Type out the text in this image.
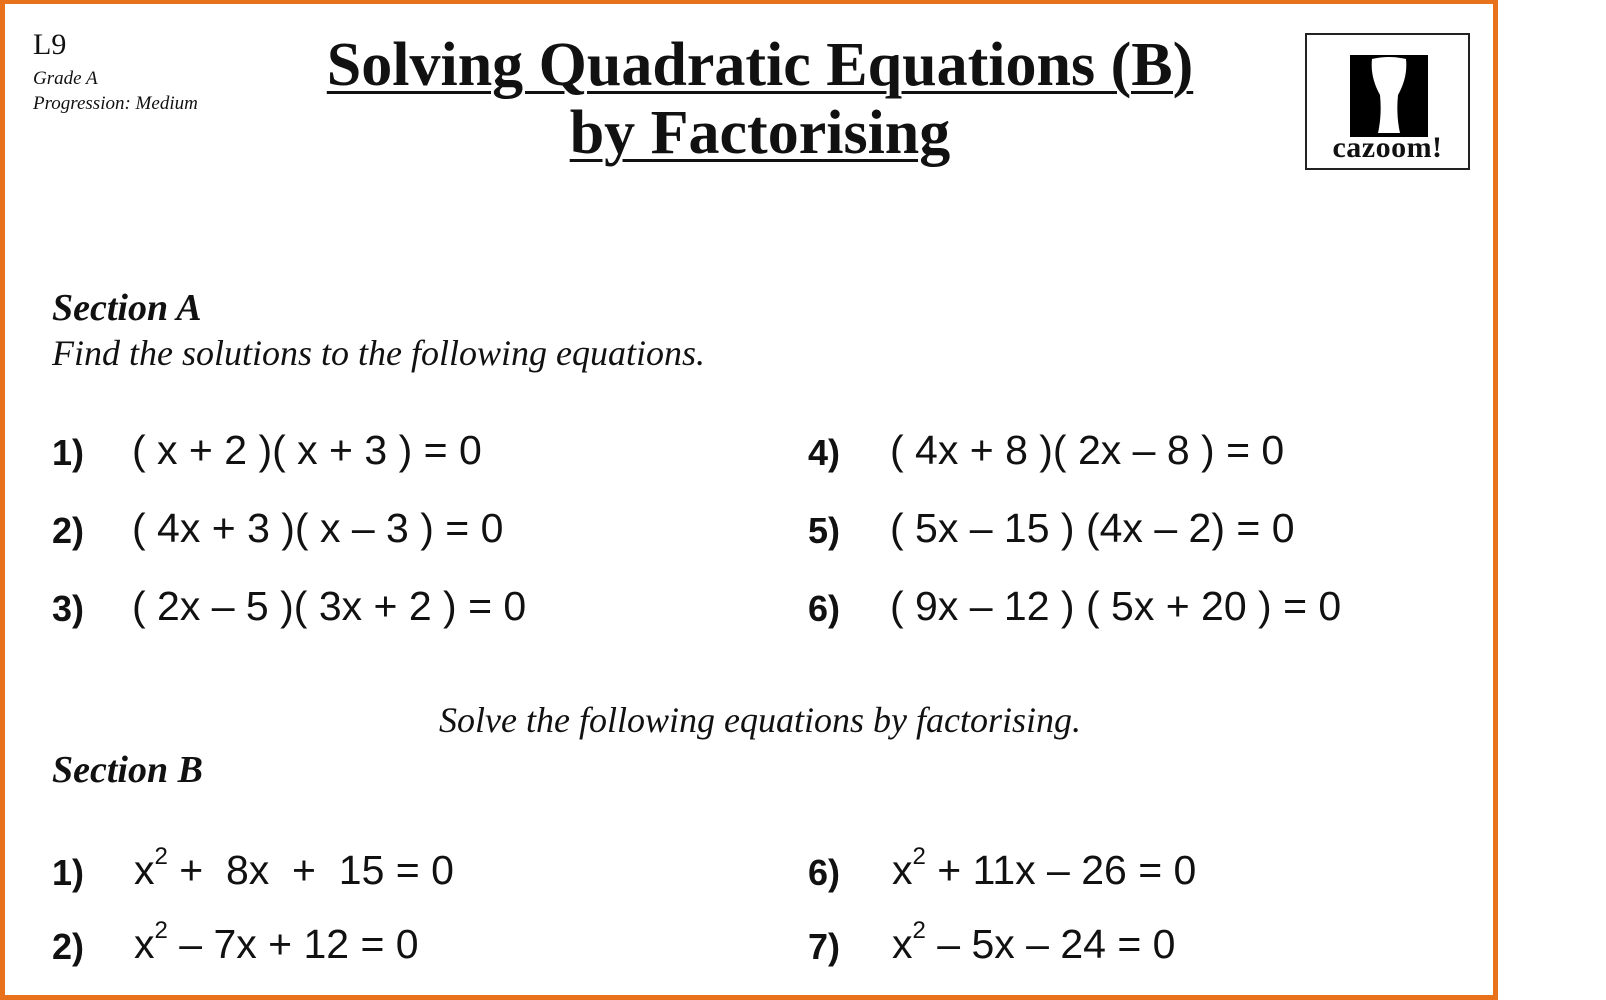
L9
Grade A
Progression: Medium
Solving Quadratic Equations (B)
by Factorising	cazoom!
Section A
Find the solutions to the following equations.
1) ( x + 2 )( x + 3 ) = 0
2) ( 4x + 3 )( x – 3 ) = 0
3) ( 2x – 5 )( 3x + 2 ) = 0
4) ( 4x + 8 )( 2x – 8 ) = 0
5) ( 5x – 15 ) (4x – 2) = 0
6) ( 9x – 12 ) ( 5x + 20 ) = 0
Solve the following equations by factorising.
Section B
1) $x^2 + 8x + 15 = 0$
2) $x^2 - 7x + 12 = 0$
6) $x^2 + 11x - 26 = 0$
7) $x^2 - 5x - 24 = 0$
